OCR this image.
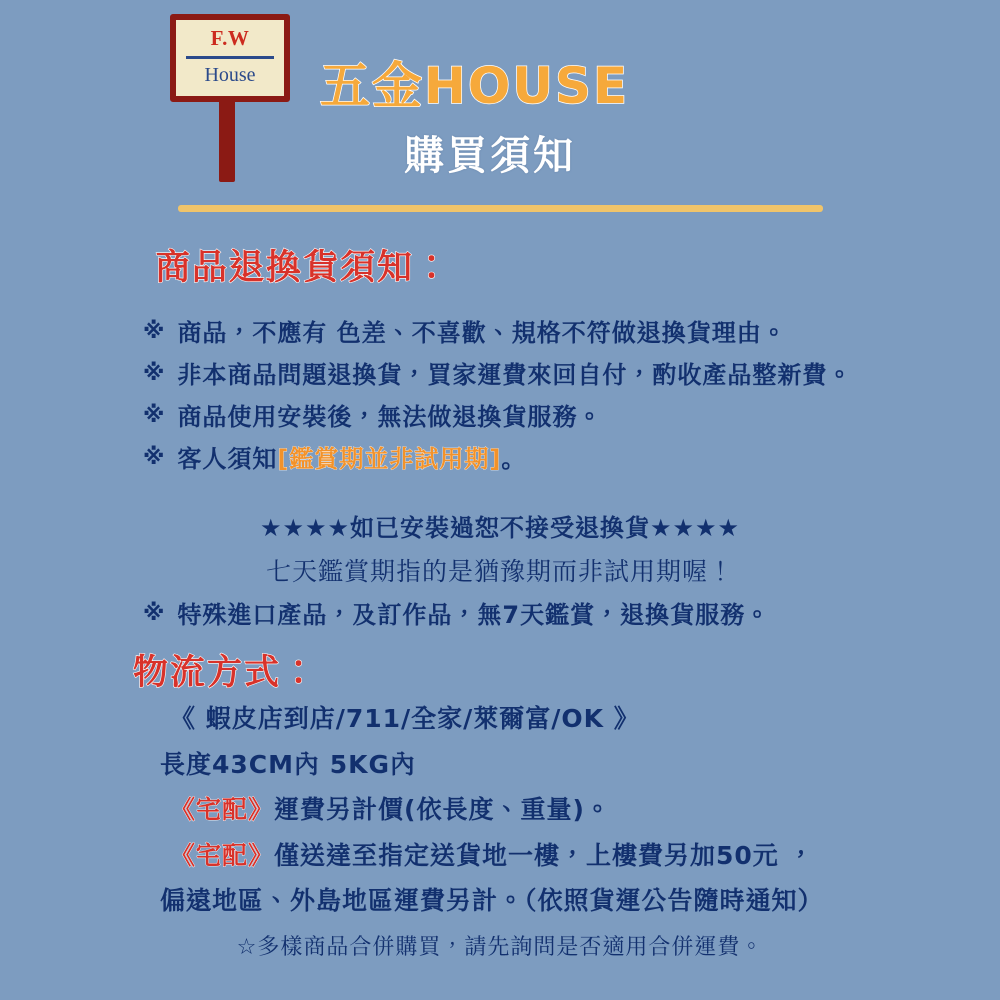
F.W
House	五金HOUSE
購買須知
商品退換貨須知：
※ 商品，不應有 色差、不喜歡、規格不符做退換貨理由。
※ 非本商品問題退換貨，買家運費來回自付，酌收產品整新費。
※ 商品使用安裝後，無法做退換貨服務。
※ 客人須知 [鑑賞期並非試用期] 。
★★★★如已安裝過恕不接受退換貨★★★★
七天鑑賞期指的是猶豫期而非試用期喔！
※ 特殊進口產品，及訂作品，無7天鑑賞，退換貨服務。
物流方式：
《 蝦皮店到店/711/全家/萊爾富/OK 》
長度43CM內 5KG內
《宅配》運費另計價(依長度、重量)。
《宅配》僅送達至指定送貨地一樓，上樓費另加50元 ，
偏遠地區、外島地區運費另計。（依照貨運公告隨時通知）
☆多樣商品合併購買，請先詢問是否適用合併運費。
